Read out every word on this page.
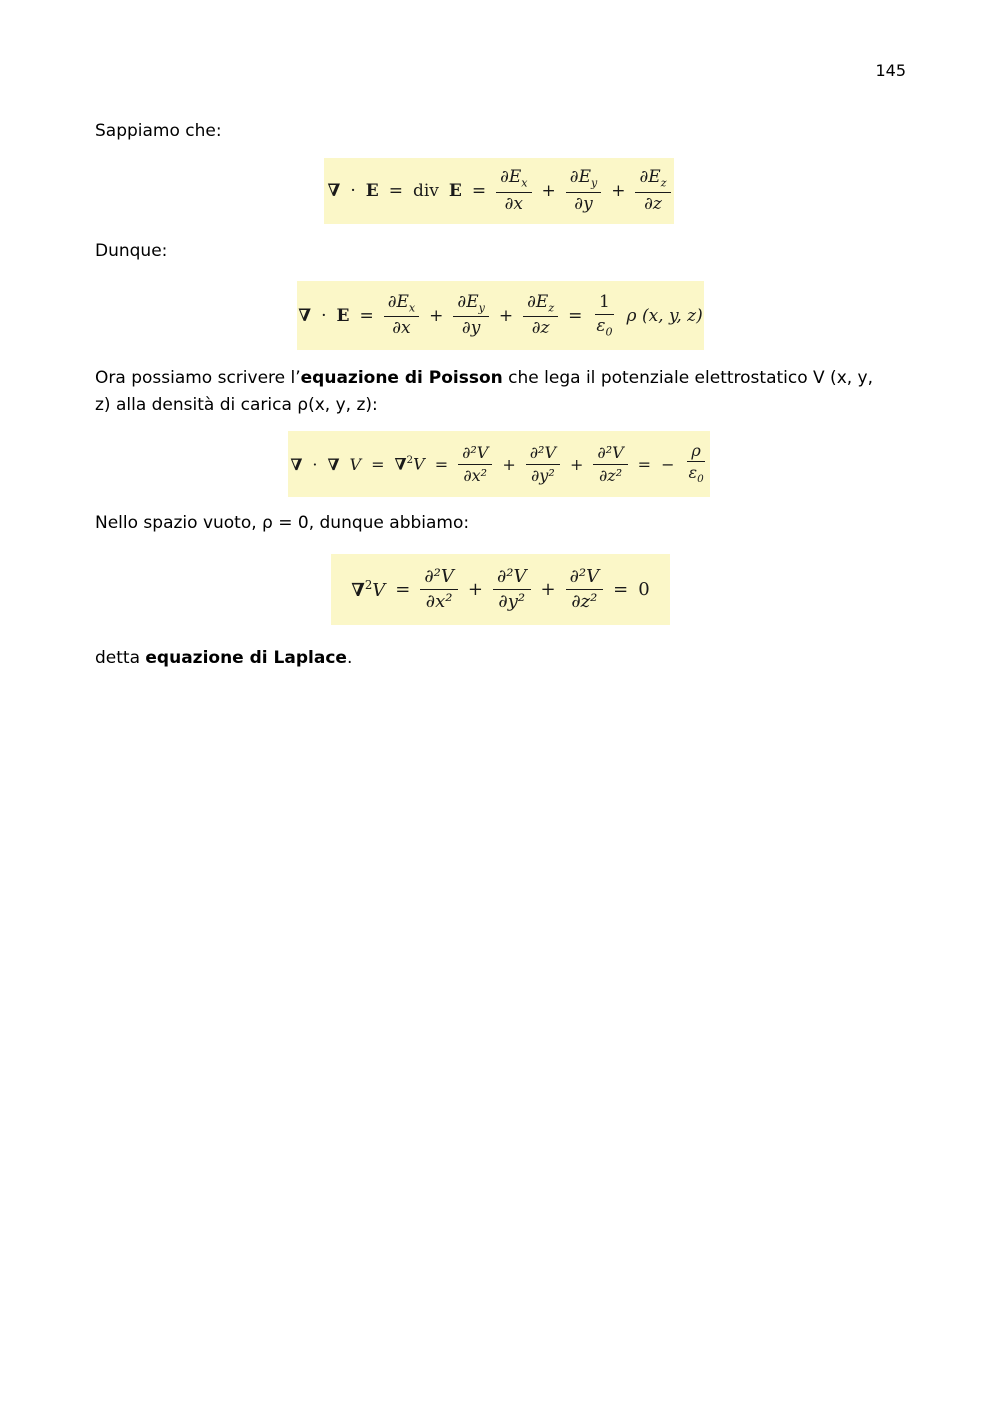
145
Sappiamo che:
∇ · E = div $E = \frac{\partial E_x}{\partial x} + \frac{\partial E_y}{\partial y} + \frac{\partial E_z}{\partial z}$
Dunque:
∇ · $E = \frac{\partial E_x}{\partial x} + \frac{\partial E_y}{\partial y} + \frac{\partial E_z}{\partial z} = \frac{1}{\varepsilon_0}$ ρ (x, y, z)
Ora possiamo scrivere l’equazione di Poisson che lega il potenziale elettrostatico V (x, y, z) alla densità di carica ρ(x, y, z):
∇ · ∇ $V = \nabla^2V = \frac{\text{∂²V}}{\text{∂x²}} + \frac{\text{∂²V}}{\text{∂y²}} + \frac{\text{∂²V}}{\text{∂z²}}$ = − $\frac{\rho}{\varepsilon_0}$
Nello spazio vuoto, ρ = 0, dunque abbiamo:
$\nabla^2V = \frac{\text{∂²V}}{\text{∂x²}} + \frac{\text{∂²V}}{\text{∂y²}} + \frac{\text{∂²V}}{\text{∂z²}} = 0$
detta equazione di Laplace.
